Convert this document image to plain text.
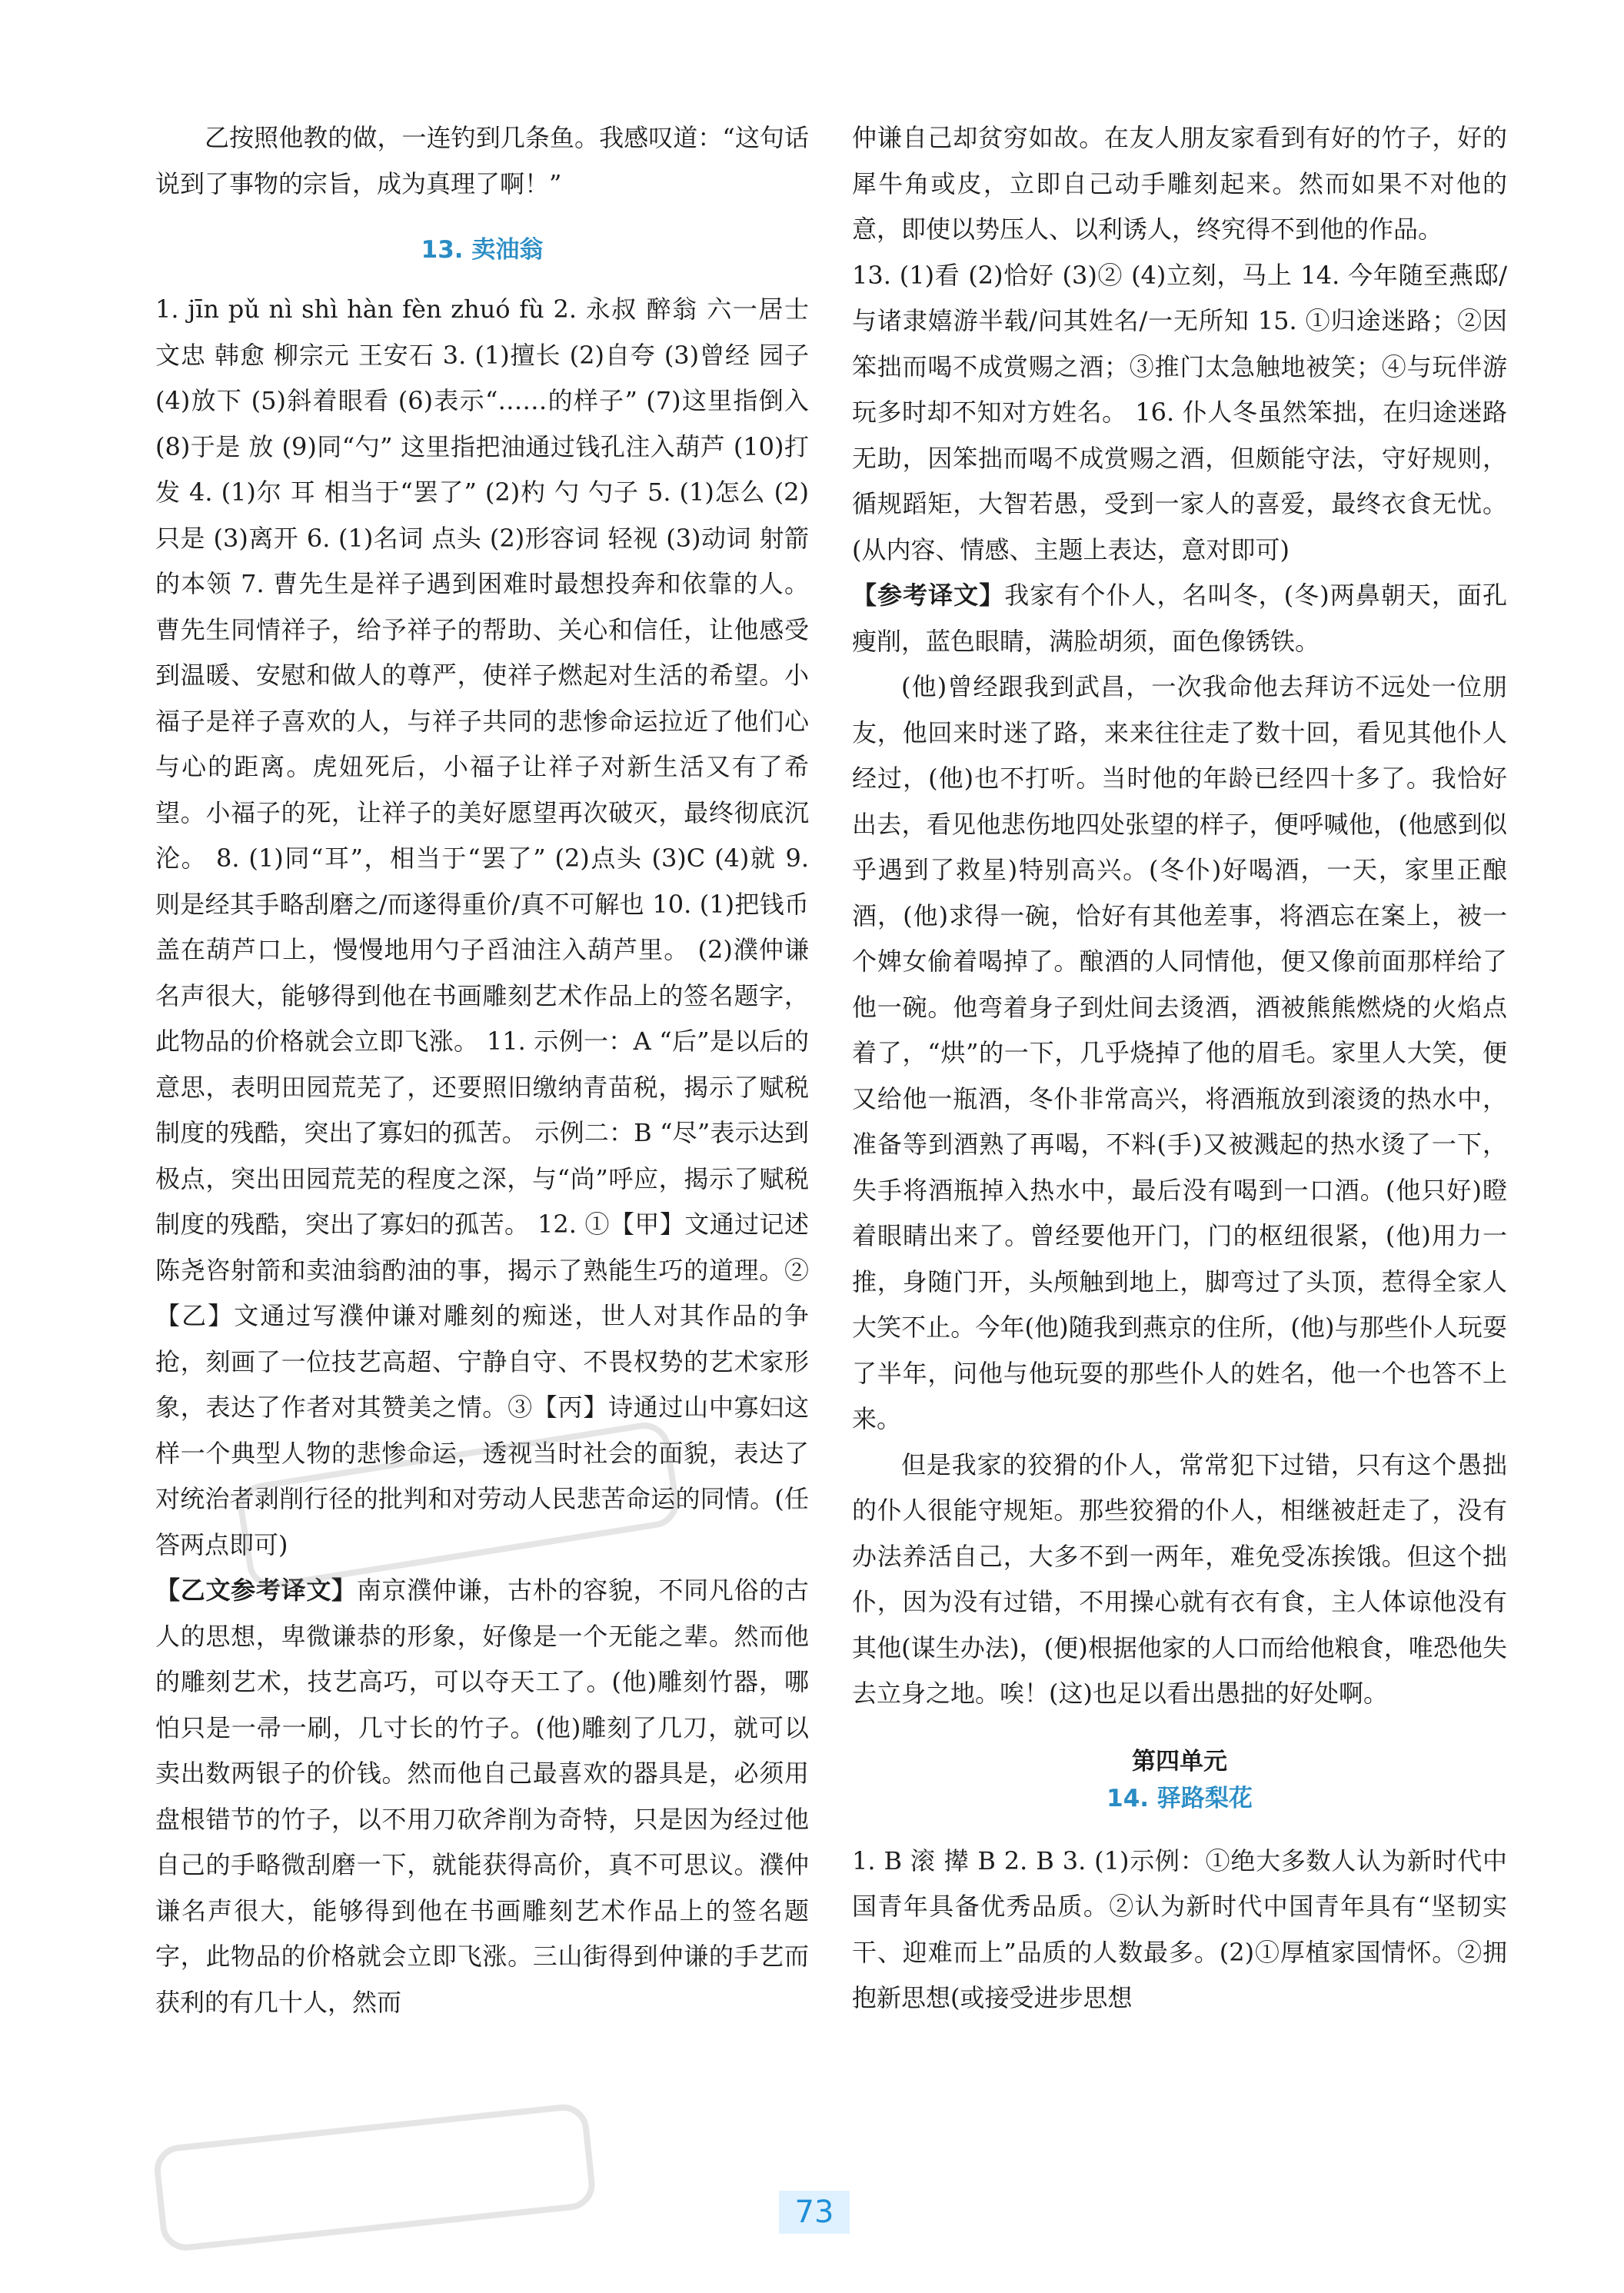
乙按照他教的做，一连钓到几条鱼。我感叹道：“这句话说到了事物的宗旨，成为真理了啊！”

13. 卖油翁

1. jīn pǔ nì shì hàn fèn zhuó fù 2. 永叔 醉翁 六一居士 文忠 韩愈 柳宗元 王安石 3. (1)擅长 (2)自夸 (3)曾经 园子 (4)放下 (5)斜着眼看 (6)表示“……的样子” (7)这里指倒入 (8)于是 放 (9)同“勺” 这里指把油通过钱孔注入葫芦 (10)打发 4. (1)尔 耳 相当于“罢了” (2)杓 勺 勺子 5. (1)怎么 (2)只是 (3)离开 6. (1)名词 点头 (2)形容词 轻视 (3)动词 射箭的本领 7. 曹先生是祥子遇到困难时最想投奔和依靠的人。曹先生同情祥子，给予祥子的帮助、关心和信任，让他感受到温暖、安慰和做人的尊严，使祥子燃起对生活的希望。小福子是祥子喜欢的人，与祥子共同的悲惨命运拉近了他们心与心的距离。虎妞死后，小福子让祥子对新生活又有了希望。小福子的死，让祥子的美好愿望再次破灭，最终彻底沉沦。 8. (1)同“耳”，相当于“罢了” (2)点头 (3)C (4)就 9. 则是经其手略刮磨之/而遂得重价/真不可解也 10. (1)把钱币盖在葫芦口上，慢慢地用勺子舀油注入葫芦里。 (2)濮仲谦名声很大，能够得到他在书画雕刻艺术作品上的签名题字，此物品的价格就会立即飞涨。 11. 示例一：A “后”是以后的意思，表明田园荒芜了，还要照旧缴纳青苗税，揭示了赋税制度的残酷，突出了寡妇的孤苦。 示例二：B “尽”表示达到极点，突出田园荒芜的程度之深，与“尚”呼应，揭示了赋税制度的残酷，突出了寡妇的孤苦。 12. ①【甲】文通过记述陈尧咨射箭和卖油翁酌油的事，揭示了熟能生巧的道理。②【乙】文通过写濮仲谦对雕刻的痴迷，世人对其作品的争抢，刻画了一位技艺高超、宁静自守、不畏权势的艺术家形象，表达了作者对其赞美之情。③【丙】诗通过山中寡妇这样一个典型人物的悲惨命运，透视当时社会的面貌，表达了对统治者剥削行径的批判和对劳动人民悲苦命运的同情。(任答两点即可)

【乙文参考译文】南京濮仲谦，古朴的容貌，不同凡俗的古人的思想，卑微谦恭的形象，好像是一个无能之辈。然而他的雕刻艺术，技艺高巧，可以夺天工了。(他)雕刻竹器，哪怕只是一帚一刷，几寸长的竹子。(他)雕刻了几刀，就可以卖出数两银子的价钱。然而他自己最喜欢的器具是，必须用盘根错节的竹子，以不用刀砍斧削为奇特，只是因为经过他自己的手略微刮磨一下，就能获得高价，真不可思议。濮仲谦名声很大，能够得到他在书画雕刻艺术作品上的签名题字，此物品的价格就会立即飞涨。三山街得到仲谦的手艺而获利的有几十人，然而

仲谦自己却贫穷如故。在友人朋友家看到有好的竹子，好的犀牛角或皮，立即自己动手雕刻起来。然而如果不对他的意，即使以势压人、以利诱人，终究得不到他的作品。

13. (1)看 (2)恰好 (3)② (4)立刻，马上 14. 今年随至燕邸/与诸隶嬉游半载/问其姓名/一无所知 15. ①归途迷路；②因笨拙而喝不成赏赐之酒；③推门太急触地被笑；④与玩伴游玩多时却不知对方姓名。 16. 仆人冬虽然笨拙，在归途迷路无助，因笨拙而喝不成赏赐之酒，但颇能守法，守好规则，循规蹈矩，大智若愚，受到一家人的喜爱，最终衣食无忧。(从内容、情感、主题上表达，意对即可)

【参考译文】我家有个仆人，名叫冬，(冬)两鼻朝天，面孔瘦削，蓝色眼睛，满脸胡须，面色像锈铁。

(他)曾经跟我到武昌，一次我命他去拜访不远处一位朋友，他回来时迷了路，来来往往走了数十回，看见其他仆人经过，(他)也不打听。当时他的年龄已经四十多了。我恰好出去，看见他悲伤地四处张望的样子，便呼喊他，(他感到似乎遇到了救星)特别高兴。(冬仆)好喝酒，一天，家里正酿酒，(他)求得一碗，恰好有其他差事，将酒忘在案上，被一个婢女偷着喝掉了。酿酒的人同情他，便又像前面那样给了他一碗。他弯着身子到灶间去烫酒，酒被熊熊燃烧的火焰点着了，“烘”的一下，几乎烧掉了他的眉毛。家里人大笑，便又给他一瓶酒，冬仆非常高兴，将酒瓶放到滚烫的热水中，准备等到酒熟了再喝，不料(手)又被溅起的热水烫了一下，失手将酒瓶掉入热水中，最后没有喝到一口酒。(他只好)瞪着眼睛出来了。曾经要他开门，门的枢纽很紧，(他)用力一推，身随门开，头颅触到地上，脚弯过了头顶，惹得全家人大笑不止。今年(他)随我到燕京的住所，(他)与那些仆人玩耍了半年，问他与他玩耍的那些仆人的姓名，他一个也答不上来。

但是我家的狡猾的仆人，常常犯下过错，只有这个愚拙的仆人很能守规矩。那些狡猾的仆人，相继被赶走了，没有办法养活自己，大多不到一两年，难免受冻挨饿。但这个拙仆，因为没有过错，不用操心就有衣有食，主人体谅他没有其他(谋生办法)，(便)根据他家的人口而给他粮食，唯恐他失去立身之地。唉！(这)也足以看出愚拙的好处啊。

第四单元
14. 驿路梨花

1. B 滚 撵 B 2. B 3. (1)示例：①绝大多数人认为新时代中国青年具备优秀品质。②认为新时代中国青年具有“坚韧实干、迎难而上”品质的人数最多。(2)①厚植家国情怀。②拥抱新思想(或接受进步思想

73
